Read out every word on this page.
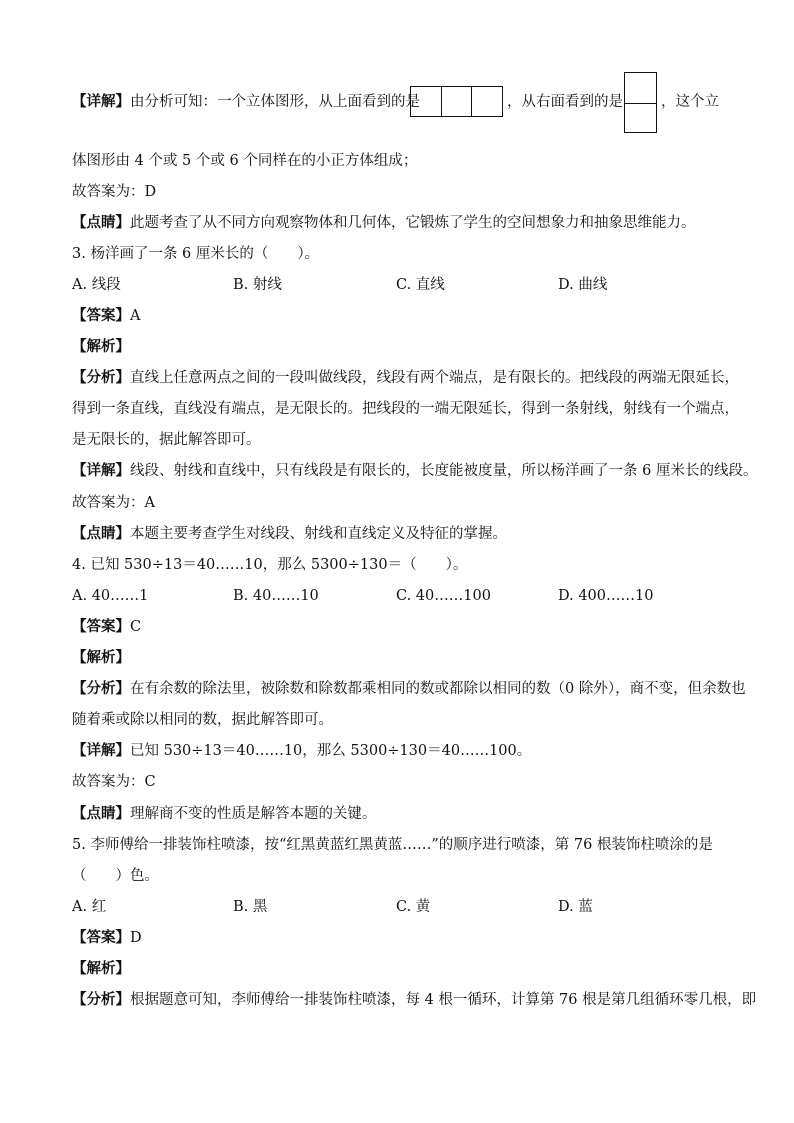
【详解】由分析可知：一个立体图形，从上面看到的是	，从右面看到的是	，这个立
体图形由 4 个或 5 个或 6 个同样在的小正方体组成；
故答案为：D
【点睛】此题考查了从不同方向观察物体和几何体，它锻炼了学生的空间想象力和抽象思维能力。
3. 杨洋画了一条 6 厘米长的（　　）。
A. 线段	B. 射线	C. 直线	D. 曲线
【答案】A
【解析】
【分析】直线上任意两点之间的一段叫做线段，线段有两个端点，是有限长的。把线段的两端无限延长，
得到一条直线，直线没有端点，是无限长的。把线段的一端无限延长，得到一条射线，射线有一个端点，
是无限长的，据此解答即可。
【详解】线段、射线和直线中，只有线段是有限长的，长度能被度量，所以杨洋画了一条 6 厘米长的线段。
故答案为：A
【点睛】本题主要考查学生对线段、射线和直线定义及特征的掌握。
4. 已知 530÷13＝40……10，那么 5300÷130＝（　　）。
A. 40……1	B. 40……10	C. 40……100	D. 400……10
【答案】C
【解析】
【分析】在有余数的除法里，被除数和除数都乘相同的数或都除以相同的数（0 除外），商不变，但余数也
随着乘或除以相同的数，据此解答即可。
【详解】已知 530÷13＝40……10，那么 5300÷130＝40……100。
故答案为：C
【点睛】理解商不变的性质是解答本题的关键。
5. 李师傅给一排装饰柱喷漆，按“红黑黄蓝红黑黄蓝……”的顺序进行喷漆，第 76 根装饰柱喷涂的是
（　　）色。
A. 红	B. 黑	C. 黄	D. 蓝
【答案】D
【解析】
【分析】根据题意可知，李师傅给一排装饰柱喷漆，每 4 根一循环，计算第 76 根是第几组循环零几根，即
